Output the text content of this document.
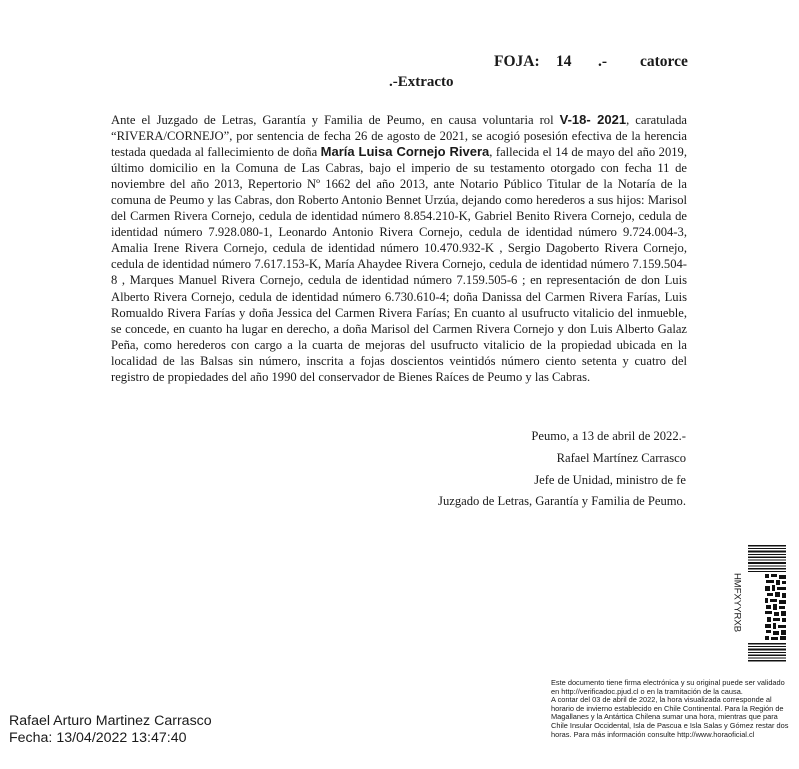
FOJA: 14 .- catorce
.-Extracto
Ante el Juzgado de Letras, Garantía y Familia de Peumo, en causa voluntaria rol V-18- 2021, caratulada “RIVERA/CORNEJO”, por sentencia de fecha 26 de agosto de 2021, se acogió posesión efectiva de la herencia testada quedada al fallecimiento de doña María Luisa Cornejo Rivera, fallecida el 14 de mayo del año 2019, último domicilio en la Comuna de Las Cabras, bajo el imperio de su testamento otorgado con fecha 11 de noviembre del año 2013, Repertorio Nº 1662 del año 2013, ante Notario Público Titular de la Notaría de la comuna de Peumo y las Cabras, don Roberto Antonio Bennet Urzúa, dejando como herederos a sus hijos: Marisol del Carmen Rivera Cornejo, cedula de identidad número 8.854.210-K, Gabriel Benito Rivera Cornejo, cedula de identidad número 7.928.080-1, Leonardo Antonio Rivera Cornejo, cedula de identidad número 9.724.004-3, Amalia Irene Rivera Cornejo, cedula de identidad número 10.470.932-K , Sergio Dagoberto Rivera Cornejo, cedula de identidad número 7.617.153-K, María Ahaydee Rivera Cornejo, cedula de identidad número 7.159.504-8 , Marques Manuel Rivera Cornejo, cedula de identidad número 7.159.505-6 ; en representación de don Luis Alberto Rivera Cornejo, cedula de identidad número 6.730.610-4; doña Danissa del Carmen Rivera Farías, Luis Romualdo Rivera Farías y doña Jessica del Carmen Rivera Farías; En cuanto al usufructo vitalicio del inmueble, se concede, en cuanto ha lugar en derecho, a doña Marisol del Carmen Rivera Cornejo y don Luis Alberto Galaz Peña, como herederos con cargo a la cuarta de mejoras del usufructo vitalicio de la propiedad ubicada en la localidad de las Balsas sin número, inscrita a fojas doscientos veintidós número ciento setenta y cuatro del registro de propiedades del año 1990 del conservador de Bienes Raíces de Peumo y las Cabras.
Peumo, a 13 de abril de 2022.-
Rafael Martínez Carrasco
Jefe de Unidad, ministro de fe
Juzgado de Letras, Garantía y Familia de Peumo.
HMFXYYRXB

Este documento tiene firma electrónica y su original puede ser validado en http://verificadoc.pjud.cl o en la tramitación de la causa.

A contar del 03 de abril de 2022, la hora visualizada corresponde al horario de invierno establecido en Chile Continental. Para la Región de Magallanes y la Antártica Chilena sumar una hora, mientras que para Chile Insular Occidental, Isla de Pascua e Isla Salas y Gómez restar dos horas. Para más información consulte http://www.horaoficial.cl

Rafael Arturo Martinez Carrasco
Fecha: 13/04/2022 13:47:40
